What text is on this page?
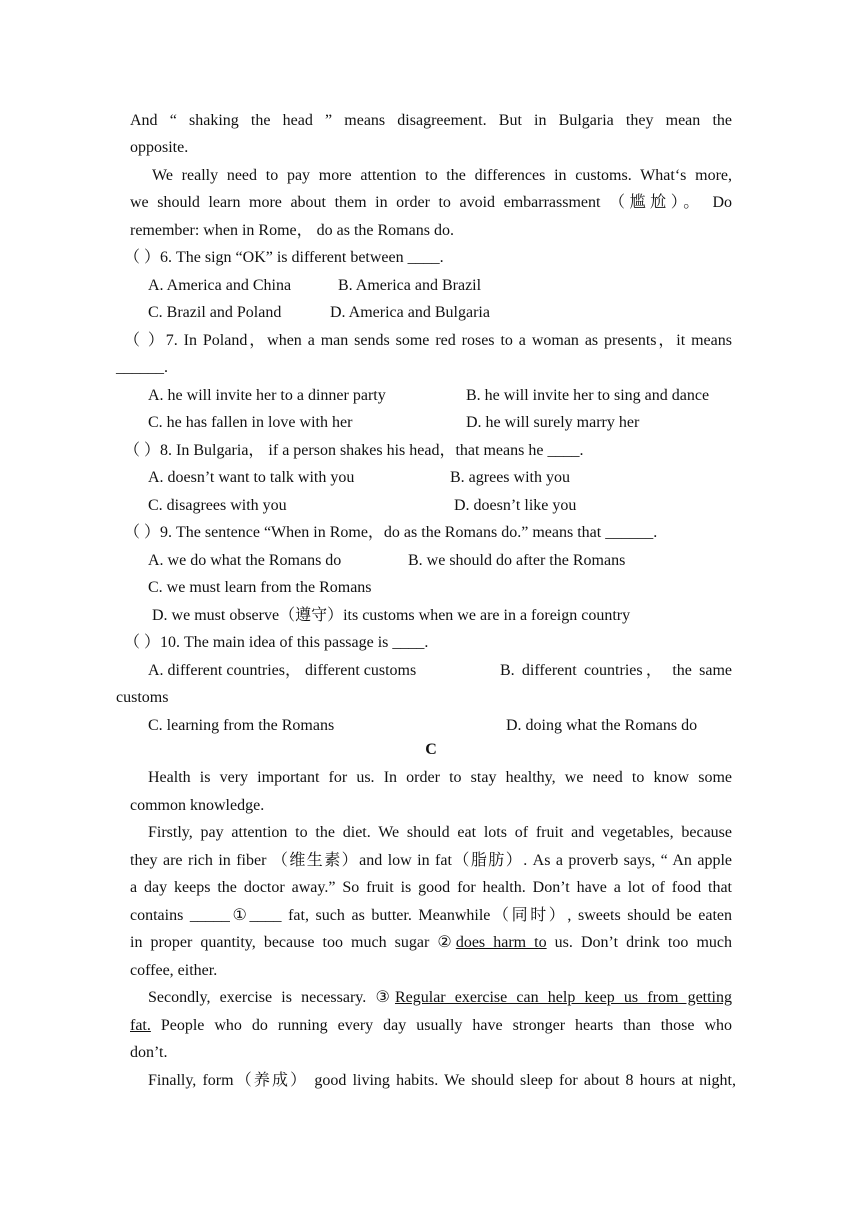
And “ shaking the head ” means disagreement. But in Bulgaria they mean the
opposite.
We really need to pay more attention to the differences in customs. What‘s more,
we should learn more about them in order to avoid embarrassment （尴尬）。 Do
remember: when in Rome， do as the Romans do.
（ ）6. The sign “OK” is different between ____.
A. America and China	B. America and Brazil
C. Brazil and Poland	D. America and Bulgaria
（ ）7. In Poland，when a man sends some red roses to a woman as presents，it means
______.
A. he will invite her to a dinner party	B. he will invite her to sing and dance
C. he has fallen in love with her	D. he will surely marry her
（ ）8. In Bulgaria， if a person shakes his head，that means he ____.
A. doesn’t want to talk with you	B. agrees with you
C. disagrees with you	D. doesn’t like you
（ ）9. The sentence “When in Rome，do as the Romans do.” means that ______.
A. we do what the Romans do	B. we should do after the Romans
C. we must learn from the Romans
D. we must observe（遵守）its customs when we are in a foreign country
（ ）10. The main idea of this passage is ____.
A. different countries， different customs	B. different countries， the same
customs
C. learning from the Romans	D. doing what the Romans do
C
Health is very important for us. In order to stay healthy, we need to know some
common knowledge.
Firstly, pay attention to the diet. We should eat lots of fruit and vegetables, because
they are rich in fiber （维生素）and low in fat（脂肪）. As a proverb says, “ An apple
a day keeps the doctor away.” So fruit is good for health. Don’t have a lot of food that
contains _____①____ fat, such as butter. Meanwhile（同时）, sweets should be eaten
in proper quantity, because too much sugar ②does harm to us. Don’t drink too much
coffee, either.
Secondly, exercise is necessary. ③Regular exercise can help keep us from getting
fat. People who do running every day usually have stronger hearts than those who
don’t.
Finally, form（养成） good living habits. We should sleep for about 8 hours at night,
